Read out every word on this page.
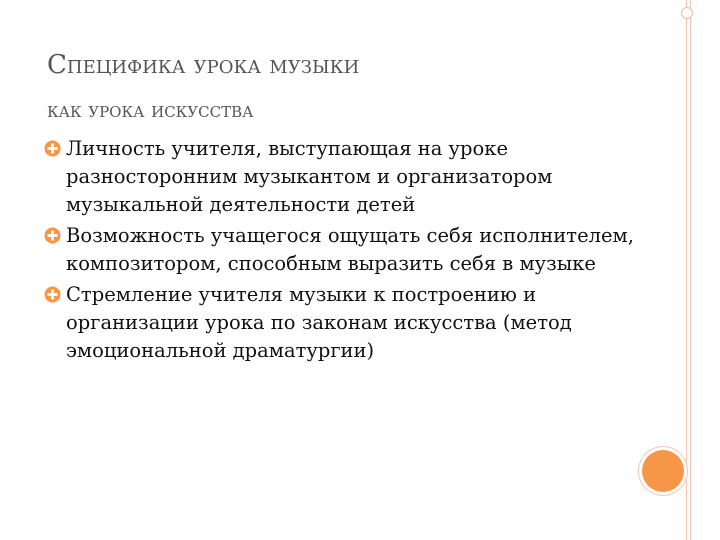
Специфика урока музыки
как урока искусства
Личность учителя, выступающая на уроке разносторонним музыкантом и организатором музыкальной деятельности детей
Возможность учащегося ощущать себя исполнителем, композитором, способным выразить себя в музыке
Стремление учителя музыки к построению и организации урока по законам искусства (метод эмоциональной драматургии)
